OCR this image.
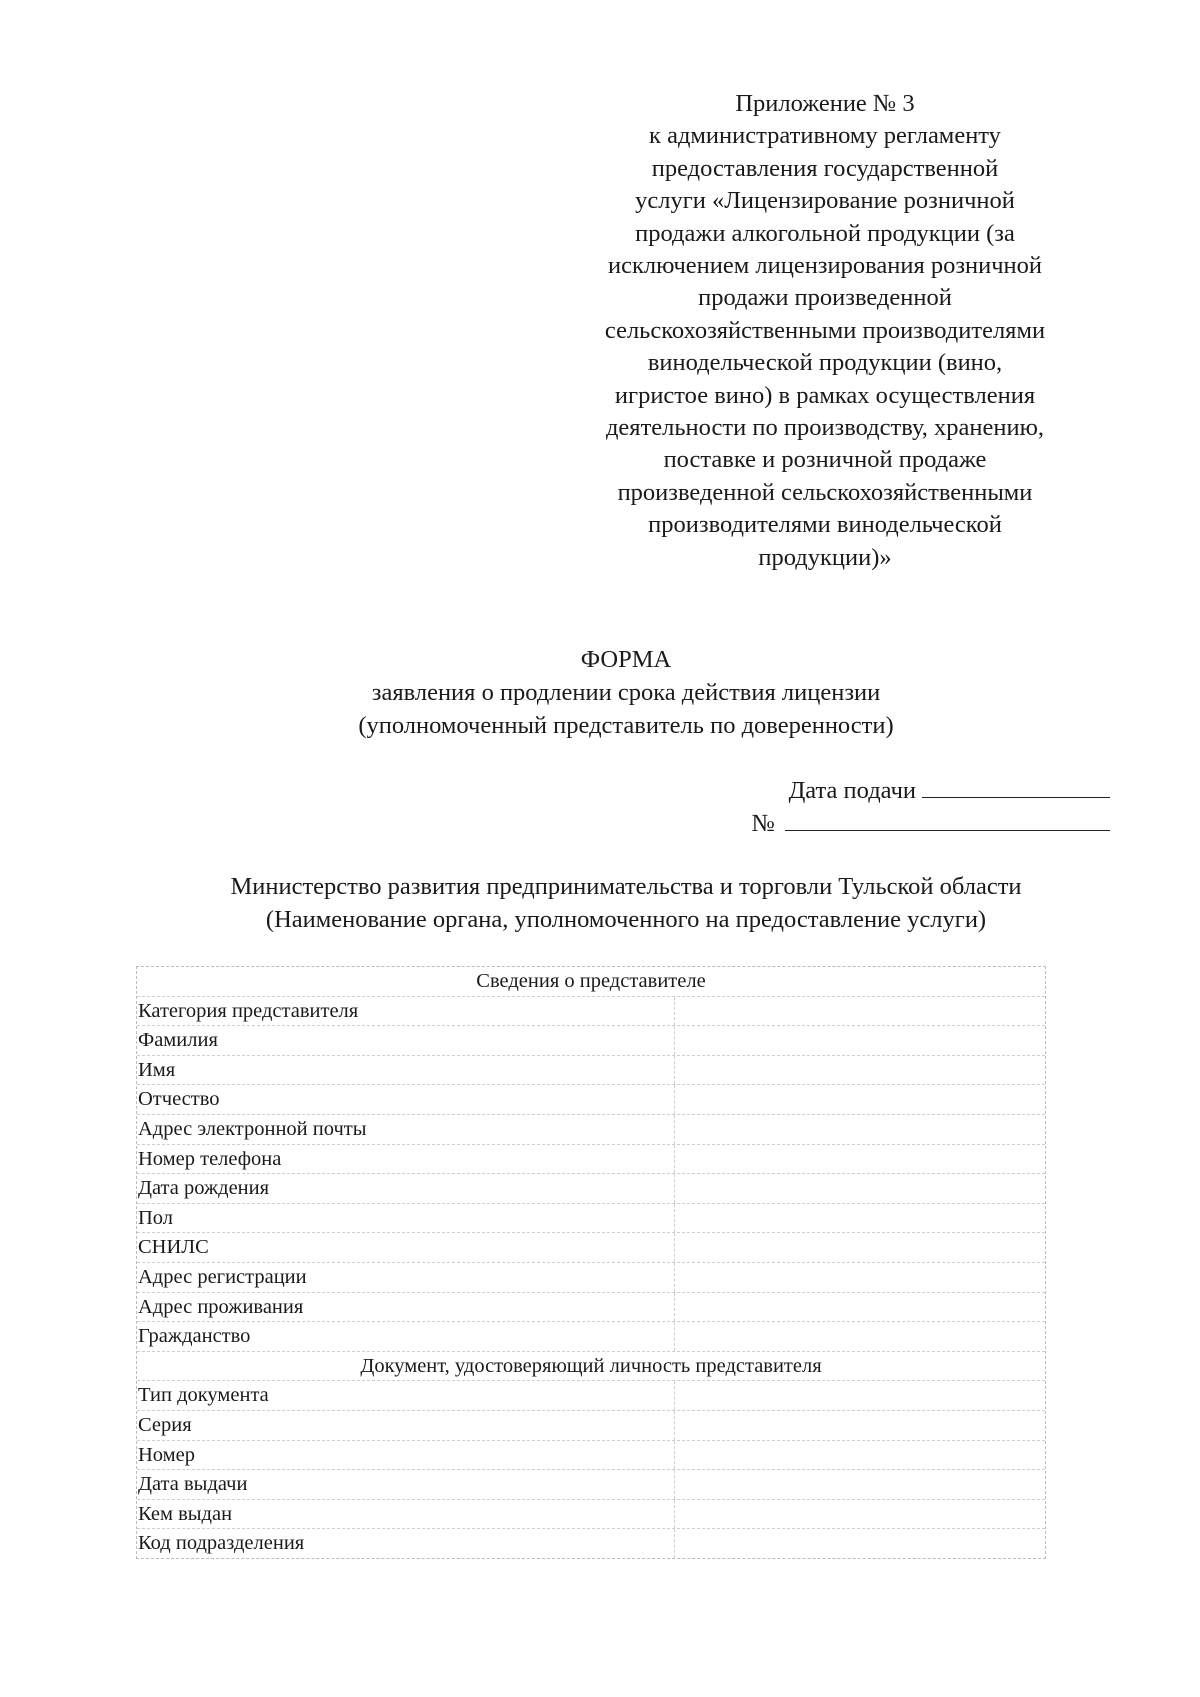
Приложение № 3
к административному регламенту
предоставления государственной
услуги «Лицензирование розничной
продажи алкогольной продукции (за
исключением лицензирования розничной
продажи произведенной
сельскохозяйственными производителями
винодельческой продукции (вино,
игристое вино) в рамках осуществления
деятельности по производству, хранению,
поставке и розничной продаже
произведенной сельскохозяйственными
производителями винодельческой
продукции)»
ФОРМА
заявления о продлении срока действия лицензии
(уполномоченный представитель по доверенности)
Дата подачи
№
Министерство развития предпринимательства и торговли Тульской области
(Наименование органа, уполномоченного на предоставление услуги)
Сведения о представителе
Категория представителя
Фамилия
Имя
Отчество
Адрес электронной почты
Номер телефона
Дата рождения
Пол
СНИЛС
Адрес регистрации
Адрес проживания
Гражданство
Документ, удостоверяющий личность представителя
Тип документа
Серия
Номер
Дата выдачи
Кем выдан
Код подразделения
